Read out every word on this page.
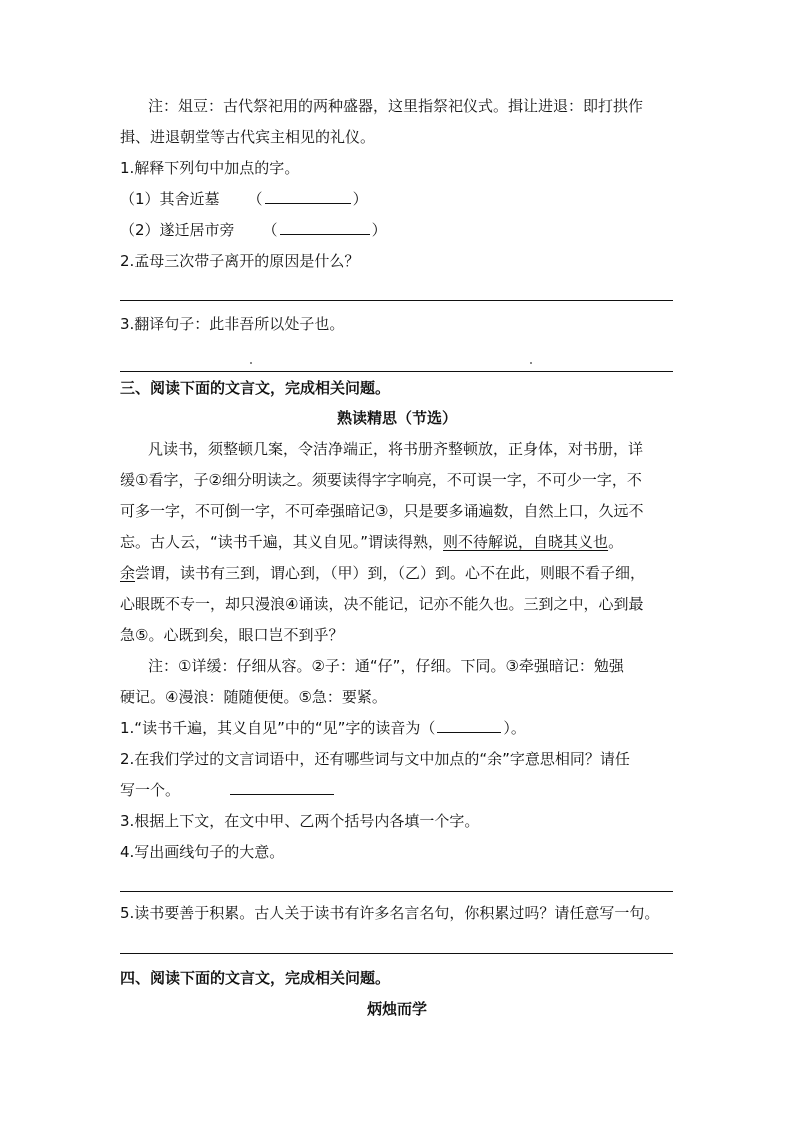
注：俎豆：古代祭祀用的两种盛器，这里指祭祀仪式。揖让进退：即打拱作
揖、进退朝堂等古代宾主相见的礼仪。
1.解释下列句中加点的字。
（1）其舍近墓 （	）
（2）遂迁居市旁 （	）
2.孟母三次带子离开的原因是什么？
3.翻译句子：此非吾所以处子也。
三、阅读下面的文言文，完成相关问题。
熟读精思（节选）
凡读书，须整顿几案，令洁净端正，将书册齐整顿放，正身体，对书册，详
缓①看字，子②细分明读之。须要读得字字响亮，不可误一字，不可少一字，不
可多一字，不可倒一字，不可牵强暗记③，只是要多诵遍数，自然上口，久远不
忘。古人云，“读书千遍，其义自见。”谓读得熟，则不待解说，自晓其义也。
余尝谓，读书有三到，谓心到，（甲）到，（乙）到。心不在此，则眼不看子细，
心眼既不专一，却只漫浪④诵读，决不能记，记亦不能久也。三到之中，心到最
急⑤。心既到矣，眼口岂不到乎？
注：①详缓：仔细从容。②子：通“仔”，仔细。下同。③牵强暗记：勉强
硬记。④漫浪：随随便便。⑤急：要紧。
1.“读书千遍，其义自见”中的“见”字的读音为（	）。
2.在我们学过的文言词语中，还有哪些词与文中加点的“余”字意思相同？请任
写一个。
3.根据上下文，在文中甲、乙两个括号内各填一个字。
4.写出画线句子的大意。
5.读书要善于积累。古人关于读书有许多名言名句，你积累过吗？请任意写一句。
四、阅读下面的文言文，完成相关问题。
炳烛而学
